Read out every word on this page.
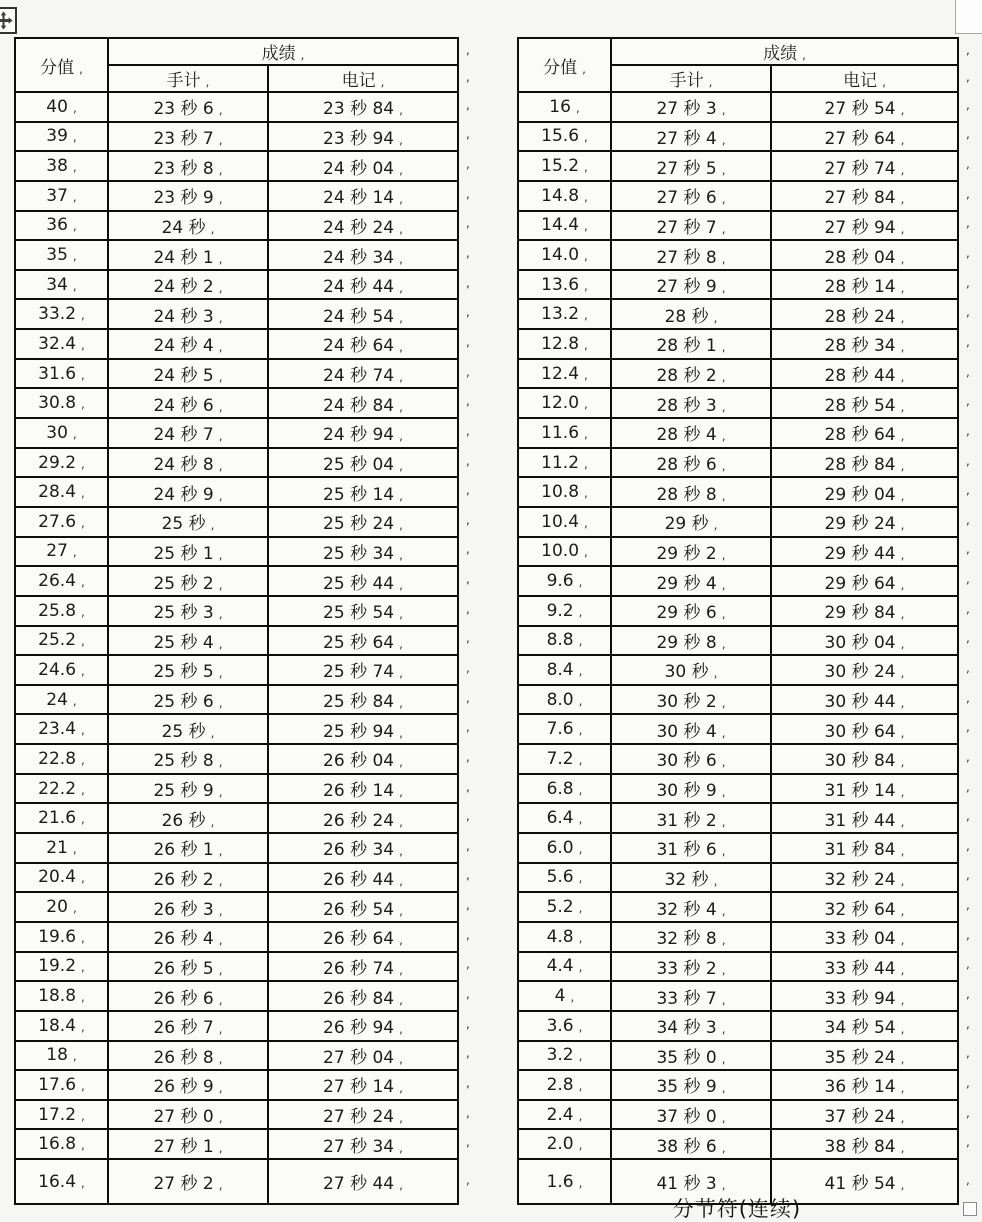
分值 ,	成绩 ,	
	手计 ,	电记 ,
40 ,	23 秒 6 ,	23 秒 84 ,
39 ,	23 秒 7 ,	23 秒 94 ,
38 ,	23 秒 8 ,	24 秒 04 ,
37 ,	23 秒 9 ,	24 秒 14 ,
36 ,	24 秒 ,	24 秒 24 ,
35 ,	24 秒 1 ,	24 秒 34 ,
34 ,	24 秒 2 ,	24 秒 44 ,
33.2 ,	24 秒 3 ,	24 秒 54 ,
32.4 ,	24 秒 4 ,	24 秒 64 ,
31.6 ,	24 秒 5 ,	24 秒 74 ,
30.8 ,	24 秒 6 ,	24 秒 84 ,
30 ,	24 秒 7 ,	24 秒 94 ,
29.2 ,	24 秒 8 ,	25 秒 04 ,
28.4 ,	24 秒 9 ,	25 秒 14 ,
27.6 ,	25 秒 ,	25 秒 24 ,
27 ,	25 秒 1 ,	25 秒 34 ,
26.4 ,	25 秒 2 ,	25 秒 44 ,
25.8 ,	25 秒 3 ,	25 秒 54 ,
25.2 ,	25 秒 4 ,	25 秒 64 ,
24.6 ,	25 秒 5 ,	25 秒 74 ,
24 ,	25 秒 6 ,	25 秒 84 ,
23.4 ,	25 秒 ,	25 秒 94 ,
22.8 ,	25 秒 8 ,	26 秒 04 ,
22.2 ,	25 秒 9 ,	26 秒 14 ,
21.6 ,	26 秒 ,	26 秒 24 ,
21 ,	26 秒 1 ,	26 秒 34 ,
20.4 ,	26 秒 2 ,	26 秒 44 ,
20 ,	26 秒 3 ,	26 秒 54 ,
19.6 ,	26 秒 4 ,	26 秒 64 ,
19.2 ,	26 秒 5 ,	26 秒 74 ,
18.8 ,	26 秒 6 ,	26 秒 84 ,
18.4 ,	26 秒 7 ,	26 秒 94 ,
18 ,	26 秒 8 ,	27 秒 04 ,
17.6 ,	26 秒 9 ,	27 秒 14 ,
17.2 ,	27 秒 0 ,	27 秒 24 ,
16.8 ,	27 秒 1 ,	27 秒 34 ,
16.4 ,	27 秒 2 ,	27 秒 44 ,
,
,
,
,
,
,
,
,
,
,
,
,
,
,
,
,
,
,
,
,
,
,
,
,
,
,
,
,
,
,
,
,
,
,
,
,
,
,
,
分值 ,	成绩 ,	
	手计 ,	电记 ,
16 ,	27 秒 3 ,	27 秒 54 ,
15.6 ,	27 秒 4 ,	27 秒 64 ,
15.2 ,	27 秒 5 ,	27 秒 74 ,
14.8 ,	27 秒 6 ,	27 秒 84 ,
14.4 ,	27 秒 7 ,	27 秒 94 ,
14.0 ,	27 秒 8 ,	28 秒 04 ,
13.6 ,	27 秒 9 ,	28 秒 14 ,
13.2 ,	28 秒 ,	28 秒 24 ,
12.8 ,	28 秒 1 ,	28 秒 34 ,
12.4 ,	28 秒 2 ,	28 秒 44 ,
12.0 ,	28 秒 3 ,	28 秒 54 ,
11.6 ,	28 秒 4 ,	28 秒 64 ,
11.2 ,	28 秒 6 ,	28 秒 84 ,
10.8 ,	28 秒 8 ,	29 秒 04 ,
10.4 ,	29 秒 ,	29 秒 24 ,
10.0 ,	29 秒 2 ,	29 秒 44 ,
9.6 ,	29 秒 4 ,	29 秒 64 ,
9.2 ,	29 秒 6 ,	29 秒 84 ,
8.8 ,	29 秒 8 ,	30 秒 04 ,
8.4 ,	30 秒 ,	30 秒 24 ,
8.0 ,	30 秒 2 ,	30 秒 44 ,
7.6 ,	30 秒 4 ,	30 秒 64 ,
7.2 ,	30 秒 6 ,	30 秒 84 ,
6.8 ,	30 秒 9 ,	31 秒 14 ,
6.4 ,	31 秒 2 ,	31 秒 44 ,
6.0 ,	31 秒 6 ,	31 秒 84 ,
5.6 ,	32 秒 ,	32 秒 24 ,
5.2 ,	32 秒 4 ,	32 秒 64 ,
4.8 ,	32 秒 8 ,	33 秒 04 ,
4.4 ,	33 秒 2 ,	33 秒 44 ,
4 ,	33 秒 7 ,	33 秒 94 ,
3.6 ,	34 秒 3 ,	34 秒 54 ,
3.2 ,	35 秒 0 ,	35 秒 24 ,
2.8 ,	35 秒 9 ,	36 秒 14 ,
2.4 ,	37 秒 0 ,	37 秒 24 ,
2.0 ,	38 秒 6 ,	38 秒 84 ,
1.6 ,	41 秒 3 ,	41 秒 54 ,
,
,
,
,
,
,
,
,
,
,
,
,
,
,
,
,
,
,
,
,
,
,
,
,
,
,
,
,
,
,
,
,
,
,
,
,
,
,
,
分节符(连续)
